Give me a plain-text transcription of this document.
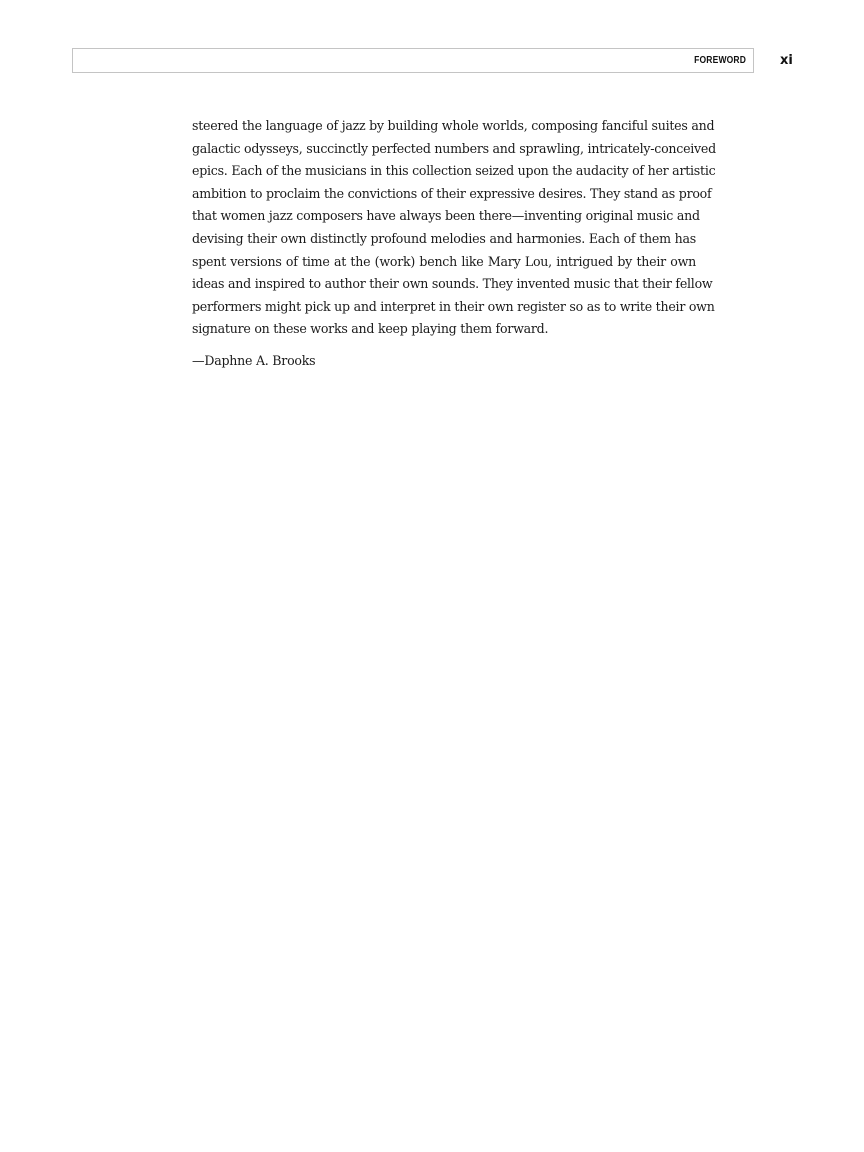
FOREWORD	xi
steered the language of jazz by building whole worlds, composing fanciful suites and
galactic odysseys, succinctly perfected numbers and sprawling, intricately-conceived
epics. Each of the musicians in this collection seized upon the audacity of her artistic
ambition to proclaim the convictions of their expressive desires. They stand as proof
that women jazz composers have always been there—inventing original music and
devising their own distinctly profound melodies and harmonies. Each of them has
spent versions of time at the (work) bench like Mary Lou, intrigued by their own
ideas and inspired to author their own sounds. They invented music that their fellow
performers might pick up and interpret in their own register so as to write their own
signature on these works and keep playing them forward.
—Daphne A. Brooks
